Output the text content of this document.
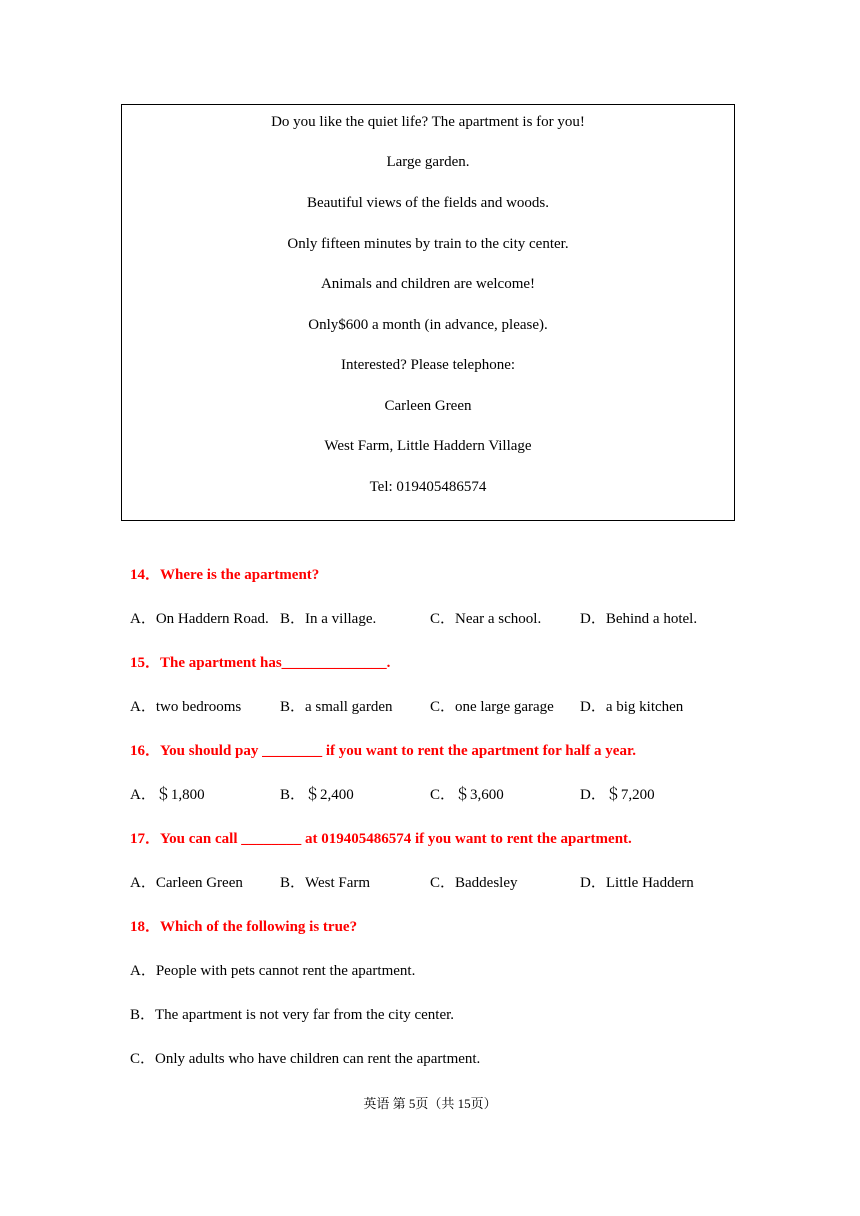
Do you like the quiet life? The apartment is for you!
Large garden.
Beautiful views of the fields and woods.
Only fifteen minutes by train to the city center.
Animals and children are welcome!
Only$600 a month (in advance, please).
Interested? Please telephone:
Carleen Green
West Farm, Little Haddern Village
Tel: 019405486574
14．Where is the apartment?
A．On Haddern Road. B．In a village.	C．Near a school.	D．Behind a hotel.
15．The apartment has______________.
A．two bedrooms	B．a small garden	C．one large garage D．a big kitchen
16．You should pay ________ if you want to rent the apartment for half a year.
A．＄1,800	B．＄2,400	C．＄3,600	D．＄7,200
17．You can call ________ at 019405486574 if you want to rent the apartment.
A．Carleen Green B．West Farm	C．Baddesley	D．Little Haddern
18．Which of the following is true?
A．People with pets cannot rent the apartment.
B．The apartment is not very far from the city center.
C．Only adults who have children can rent the apartment.
英语 第 5页（共 15页）
